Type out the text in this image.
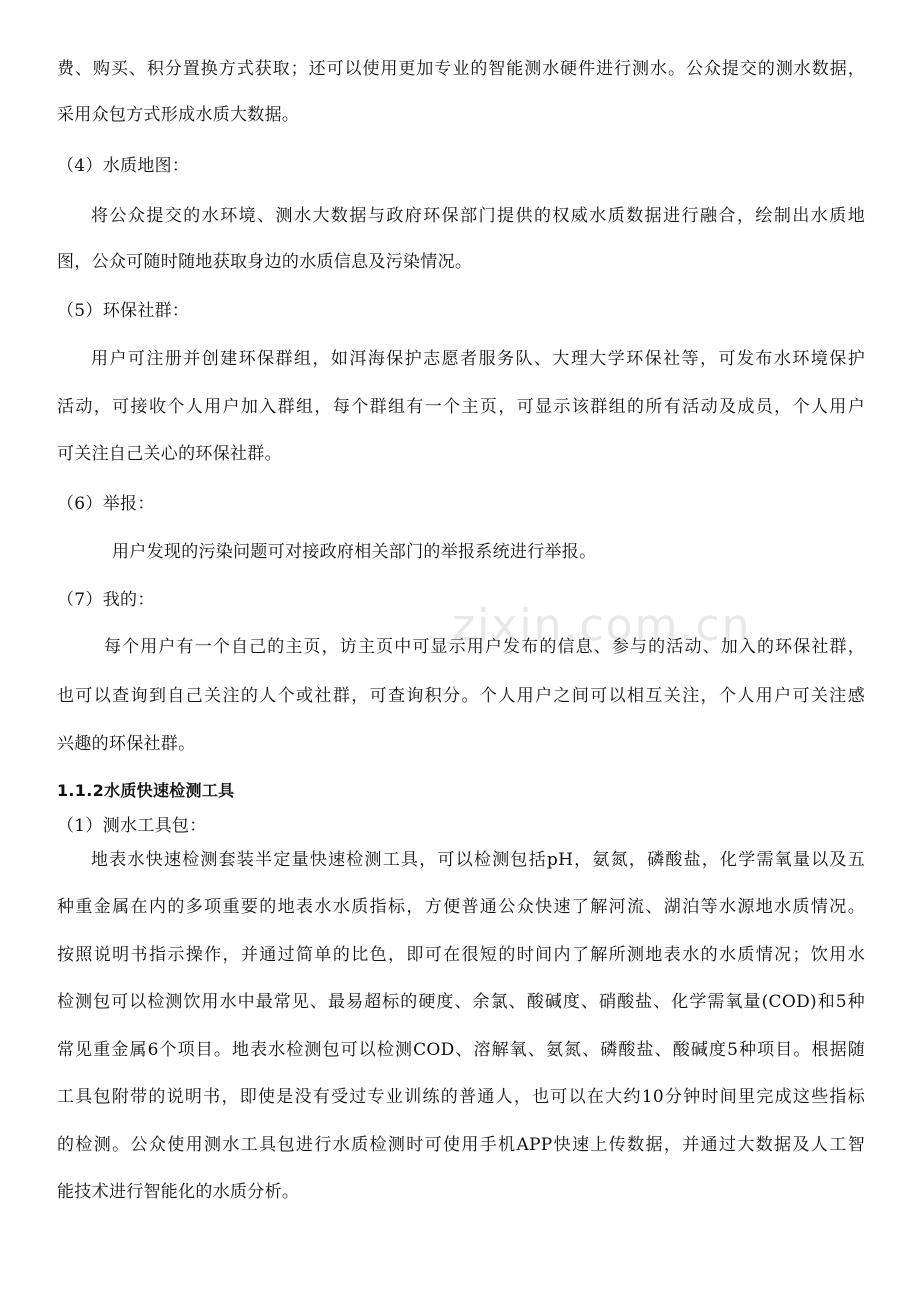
zixin.com.cn
费、购买、积分置换方式获取；还可以使用更加专业的智能测水硬件进行测水。公众提交的测水数据，
采用众包方式形成水质大数据。
（4）水质地图：
将公众提交的水环境、测水大数据与政府环保部门提供的权威水质数据进行融合，绘制出水质地
图，公众可随时随地获取身边的水质信息及污染情况。
（5）环保社群：
用户可注册并创建环保群组，如洱海保护志愿者服务队、大理大学环保社等，可发布水环境保护
活动，可接收个人用户加入群组，每个群组有一个主页，可显示该群组的所有活动及成员，个人用户
可关注自己关心的环保社群。
（6）举报：
用户发现的污染问题可对接政府相关部门的举报系统进行举报。
（7）我的：
每个用户有一个自己的主页，访主页中可显示用户发布的信息、参与的活动、加入的环保社群，
也可以查询到自己关注的人个或社群，可查询积分。个人用户之间可以相互关注，个人用户可关注感
兴趣的环保社群。
1.1.2水质快速检测工具
（1）测水工具包：
地表水快速检测套装半定量快速检测工具，可以检测包括pH，氨氮，磷酸盐，化学需氧量以及五
种重金属在内的多项重要的地表水水质指标，方便普通公众快速了解河流、湖泊等水源地水质情况。
按照说明书指示操作，并通过简单的比色，即可在很短的时间内了解所测地表水的水质情况；饮用水
检测包可以检测饮用水中最常见、最易超标的硬度、余氯、酸碱度、硝酸盐、化学需氧量(COD)和5种
常见重金属6个项目。地表水检测包可以检测COD、溶解氧、氨氮、磷酸盐、酸碱度5种项目。根据随
工具包附带的说明书，即使是没有受过专业训练的普通人，也可以在大约10分钟时间里完成这些指标
的检测。公众使用测水工具包进行水质检测时可使用手机APP快速上传数据，并通过大数据及人工智
能技术进行智能化的水质分析。
